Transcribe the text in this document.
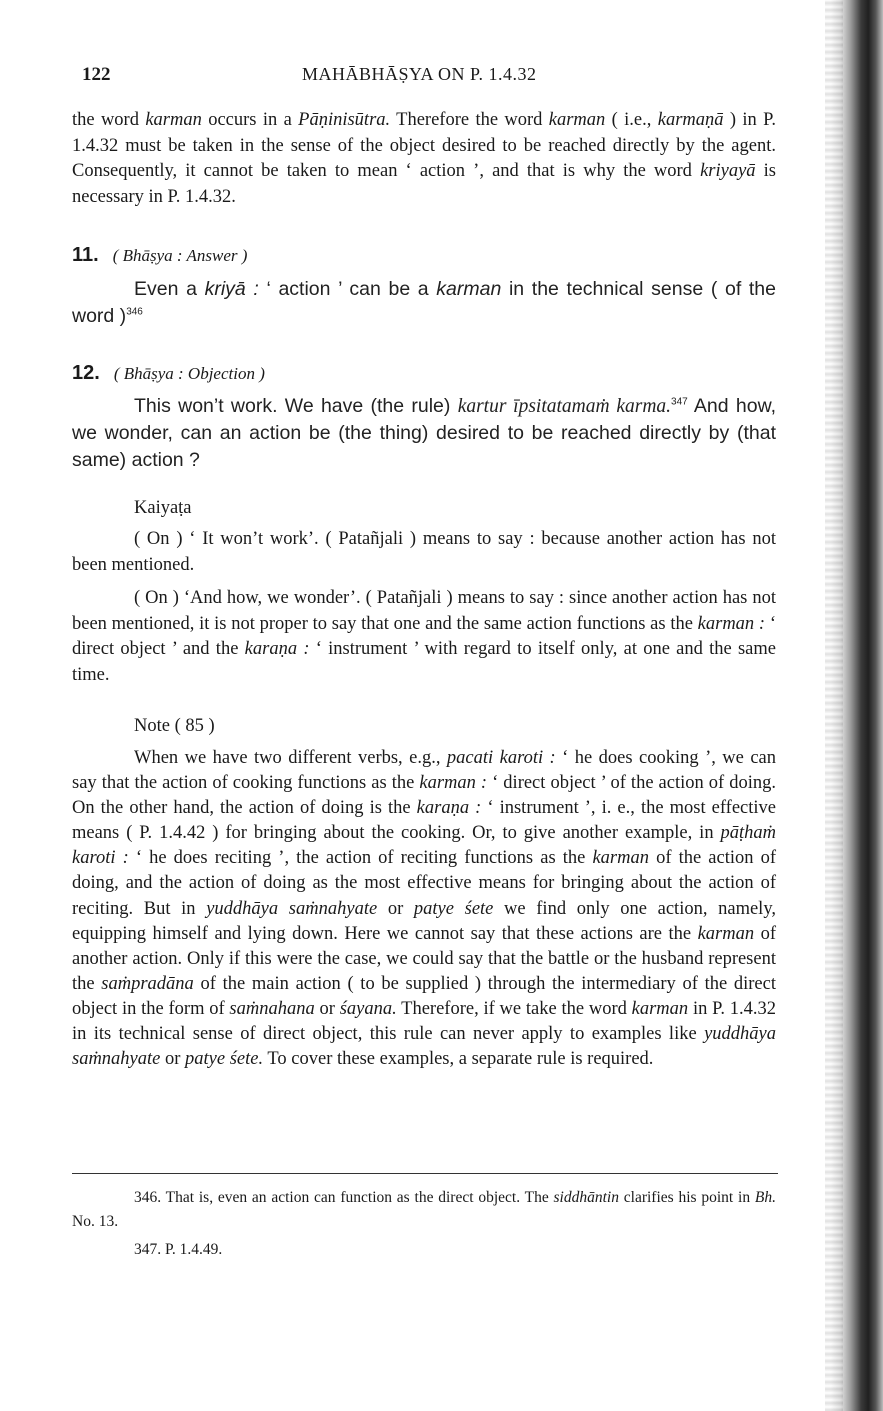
122	MAHĀBHĀṢYA ON P. 1.4.32

the word karman occurs in a Pāṇinisūtra. Therefore the word karman ( i.e., karmaṇā ) in P. 1.4.32 must be taken in the sense of the object desired to be reached directly by the agent. Consequently, it cannot be taken to mean ‘ action ’, and that is why the word kriyayā is necessary in P. 1.4.32.

11. ( Bhāṣya : Answer )

Even a kriyā : ‘ action ’ can be a karman in the technical sense ( of the word )$^{346}$

12. ( Bhāṣya : Objection )

This won’t work. We have (the rule) kartur īpsitatamaṁ karma.$^{347}$ And how, we wonder, can an action be (the thing) desired to be reached directly by (that same) action ?

Kaiyaṭa

( On ) ‘ It won’t work’. ( Patañjali ) means to say : because another action has not been mentioned.

( On ) ‘And how, we wonder’. ( Patañjali ) means to say : since another action has not been mentioned, it is not proper to say that one and the same action functions as the karman : ‘ direct object ’ and the karaṇa : ‘ instrument ’ with regard to itself only, at one and the same time.

Note ( 85 )

When we have two different verbs, e.g., pacati karoti : ‘ he does cooking ’, we can say that the action of cooking functions as the karman : ‘ direct object ’ of the action of doing. On the other hand, the action of doing is the karaṇa : ‘ instrument ’, i. e., the most effective means ( P. 1.4.42 ) for bringing about the cooking. Or, to give another example, in pāṭhaṁ karoti : ‘ he does reciting ’, the action of reciting functions as the karman of the action of doing, and the action of doing as the most effective means for bringing about the action of reciting. But in yuddhāya saṁnahyate or patye śete we find only one action, namely, equipping himself and lying down. Here we cannot say that these actions are the karman of another action. Only if this were the case, we could say that the battle or the husband represent the saṁpradāna of the main action ( to be supplied ) through the intermediary of the direct object in the form of saṁnahana or śayana. Therefore, if we take the word karman in P. 1.4.32 in its technical sense of direct object, this rule can never apply to examples like yuddhāya saṁnahyate or patye śete. To cover these examples, a separate rule is required.

346. That is, even an action can function as the direct object. The siddhāntin clarifies his point in Bh. No. 13.

347. P. 1.4.49.
